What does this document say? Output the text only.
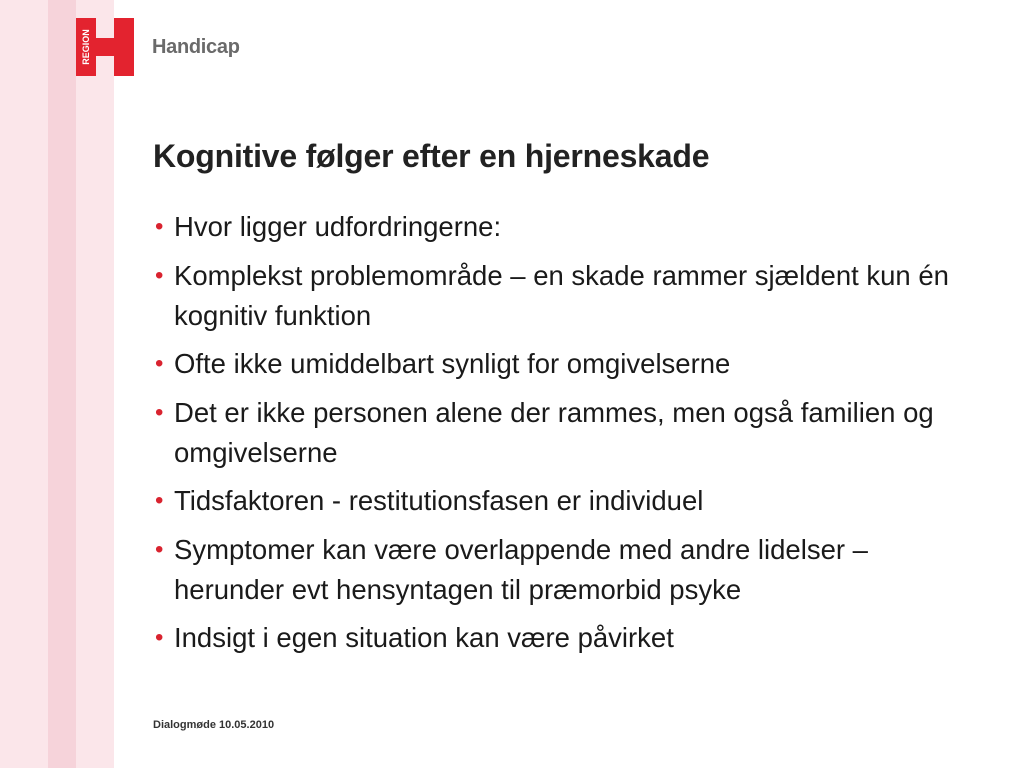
REGION	Handicap
Kognitive følger efter en hjerneskade
• Hvor ligger udfordringerne:
• Komplekst problemområde – en skade rammer sjældent kun én kognitiv funktion
• Ofte ikke umiddelbart synligt for omgivelserne
• Det er ikke personen alene der rammes, men også familien og omgivelserne
• Tidsfaktoren - restitutionsfasen er individuel
• Symptomer kan være overlappende med andre lidelser – herunder evt hensyntagen til præmorbid psyke
• Indsigt i egen situation kan være påvirket
Dialogmøde 10.05.2010
